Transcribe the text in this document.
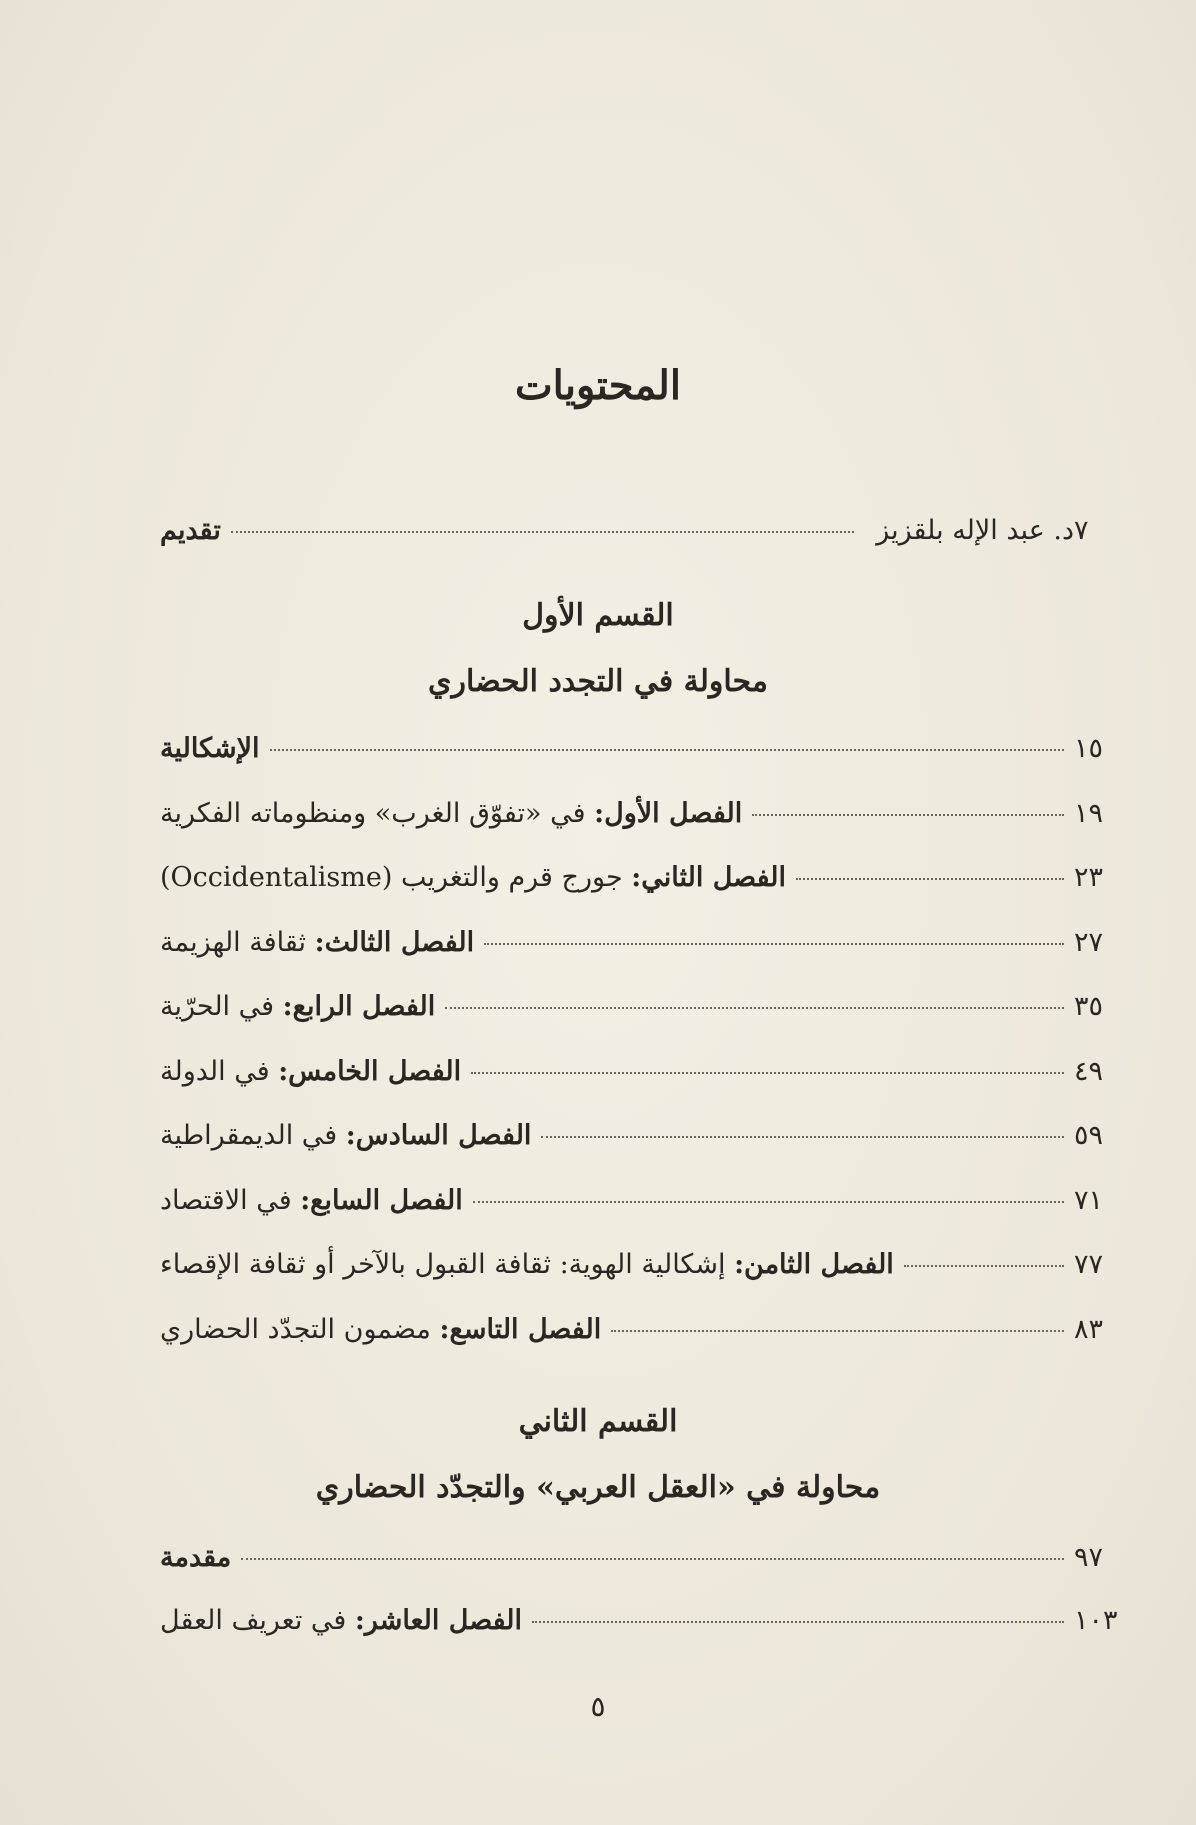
المحتويات
تقديم	د. عبد الإله بلقزيز ٧
القسم الأول
محاولة في التجدد الحضاري
الإشكالية	١٥
الفصل الأول: في «تفوّق الغرب» ومنظوماته الفكرية	١٩
الفصل الثاني: جورج قرم والتغريب (Occidentalisme)	٢٣
الفصل الثالث: ثقافة الهزيمة	٢٧
الفصل الرابع: في الحرّية	٣٥
الفصل الخامس: في الدولة	٤٩
الفصل السادس: في الديمقراطية	٥٩
الفصل السابع: في الاقتصاد	٧١
الفصل الثامن: إشكالية الهوية: ثقافة القبول بالآخر أو ثقافة الإقصاء	٧٧
الفصل التاسع: مضمون التجدّد الحضاري	٨٣
القسم الثاني
محاولة في «العقل العربي» والتجدّد الحضاري
مقدمة	٩٧
الفصل العاشر: في تعريف العقل	١٠٣
٥
